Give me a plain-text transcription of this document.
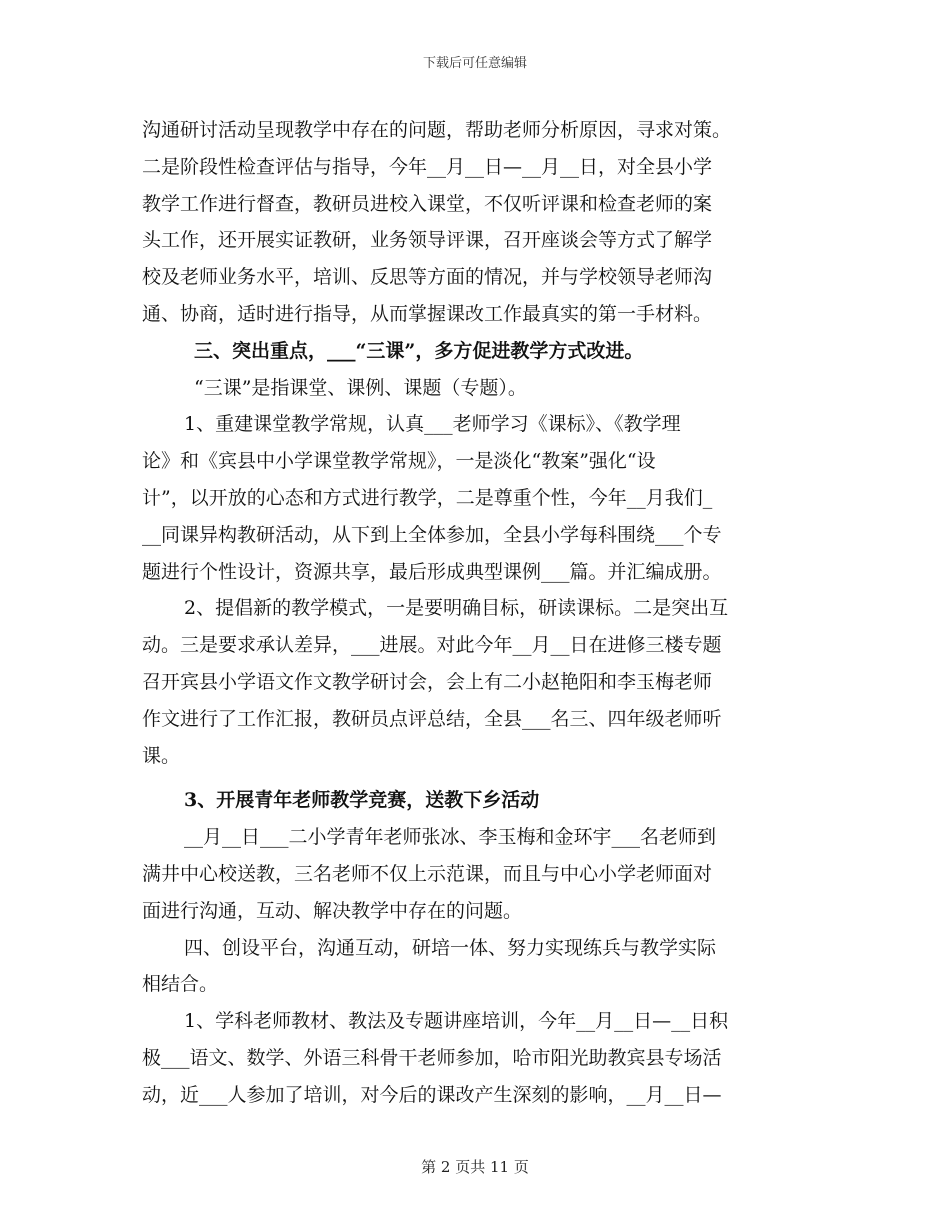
下载后可任意编辑
沟通研讨活动呈现教学中存在的问题，帮助老师分析原因，寻求对策。
二是阶段性检查评估与指导，今年__月__日—__月__日，对全县小学
教学工作进行督查，教研员进校入课堂，不仅听评课和检查老师的案
头工作，还开展实证教研，业务领导评课，召开座谈会等方式了解学
校及老师业务水平，培训、反思等方面的情况，并与学校领导老师沟
通、协商，适时进行指导，从而掌握课改工作最真实的第一手材料。
三、突出重点，___“三课”，多方促进教学方式改进。
“三课”是指课堂、课例、课题（专题）。
1、重建课堂教学常规，认真___老师学习《课标》、《教学理
论》和《宾县中小学课堂教学常规》，一是淡化“教案”强化“设
计”，以开放的心态和方式进行教学，二是尊重个性，今年__月我们_
__同课异构教研活动，从下到上全体参加，全县小学每科围绕___个专
题进行个性设计，资源共享，最后形成典型课例___篇。并汇编成册。
2、提倡新的教学模式，一是要明确目标，研读课标。二是突出互
动。三是要求承认差异，___进展。对此今年__月__日在进修三楼专题
召开宾县小学语文作文教学研讨会，会上有二小赵艳阳和李玉梅老师
作文进行了工作汇报，教研员点评总结，全县___名三、四年级老师听
课。
3、开展青年老师教学竞赛，送教下乡活动
__月__日___二小学青年老师张冰、李玉梅和金环宇___名老师到
满井中心校送教，三名老师不仅上示范课，而且与中心小学老师面对
面进行沟通，互动、解决教学中存在的问题。
四、创设平台，沟通互动，研培一体、努力实现练兵与教学实际
相结合。
1、学科老师教材、教法及专题讲座培训，今年__月__日—__日积
极___语文、数学、外语三科骨干老师参加，哈市阳光助教宾县专场活
动，近___人参加了培训，对今后的课改产生深刻的影响，__月__日—
第 2 页共 11 页
